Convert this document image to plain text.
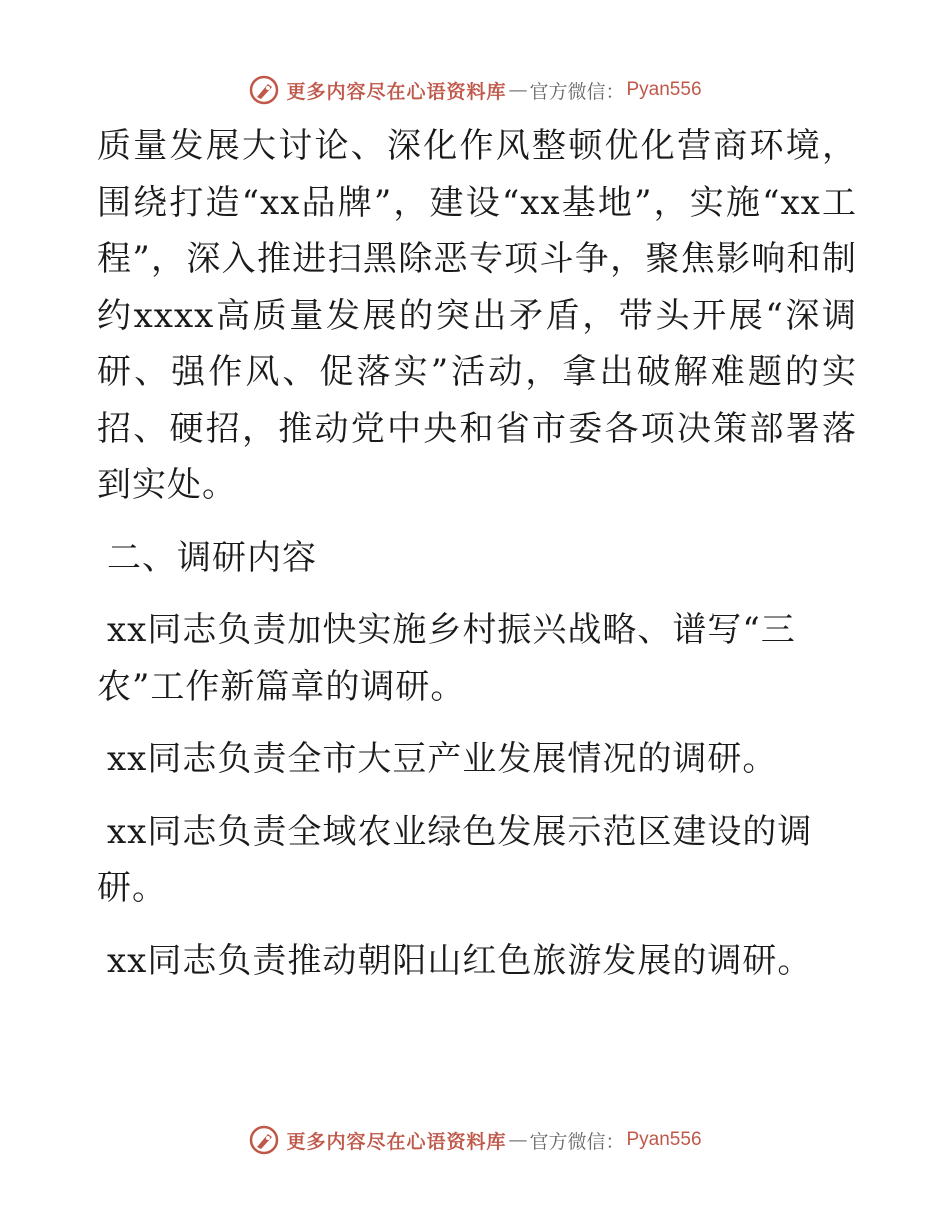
更多内容尽在心语资料库 — 官方微信： Pyan556

质量发展大讨论、深化作风整顿优化营商环境，围绕打造“xx品牌”，建设“xx基地”，实施“xx工程”，深入推进扫黑除恶专项斗争，聚焦影响和制约xxxx高质量发展的突出矛盾，带头开展“深调研、强作风、促落实”活动，拿出破解难题的实招、硬招，推动党中央和省市委各项决策部署落到实处。

二、调研内容

xx同志负责加快实施乡村振兴战略、谱写“三农”工作新篇章的调研。

xx同志负责全市大豆产业发展情况的调研。

xx同志负责全域农业绿色发展示范区建设的调研。

xx同志负责推动朝阳山红色旅游发展的调研。

更多内容尽在心语资料库 — 官方微信： Pyan556
